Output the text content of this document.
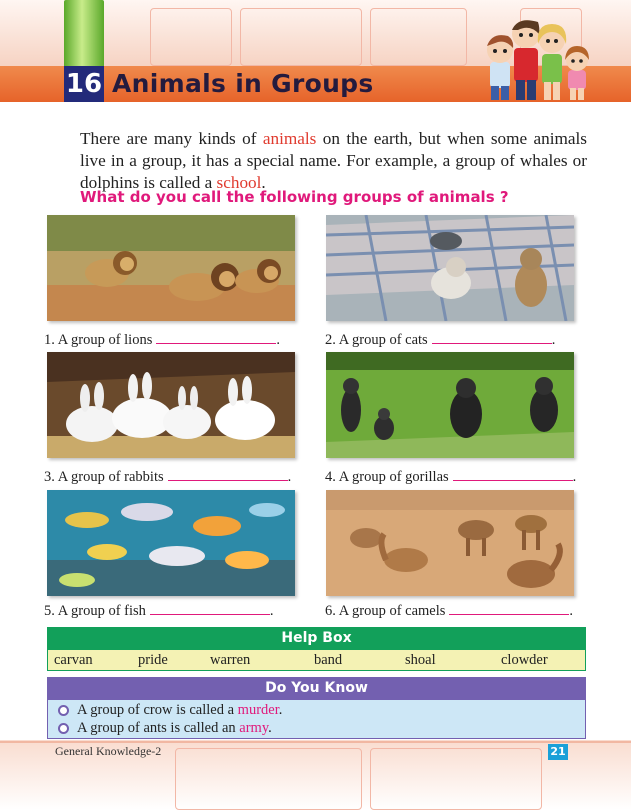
16 Animals in Groups
There are many kinds of animals on the earth, but when some animals live in a group, it has a special name. For example, a group of whales or dolphins is called a school.
What do you call the following groups of animals ?
1. A group of lions	.	2. A group of cats	.
3. A group of rabbits	. 4. A group of gorillas	.
5. A group of fish	.	6. A group of camels	.
Help Box
carvan	pride	warren	band	shoal	clowder
Do You Know
A group of crow is called a murder.
A group of ants is called an army.
General Knowledge-2	21
